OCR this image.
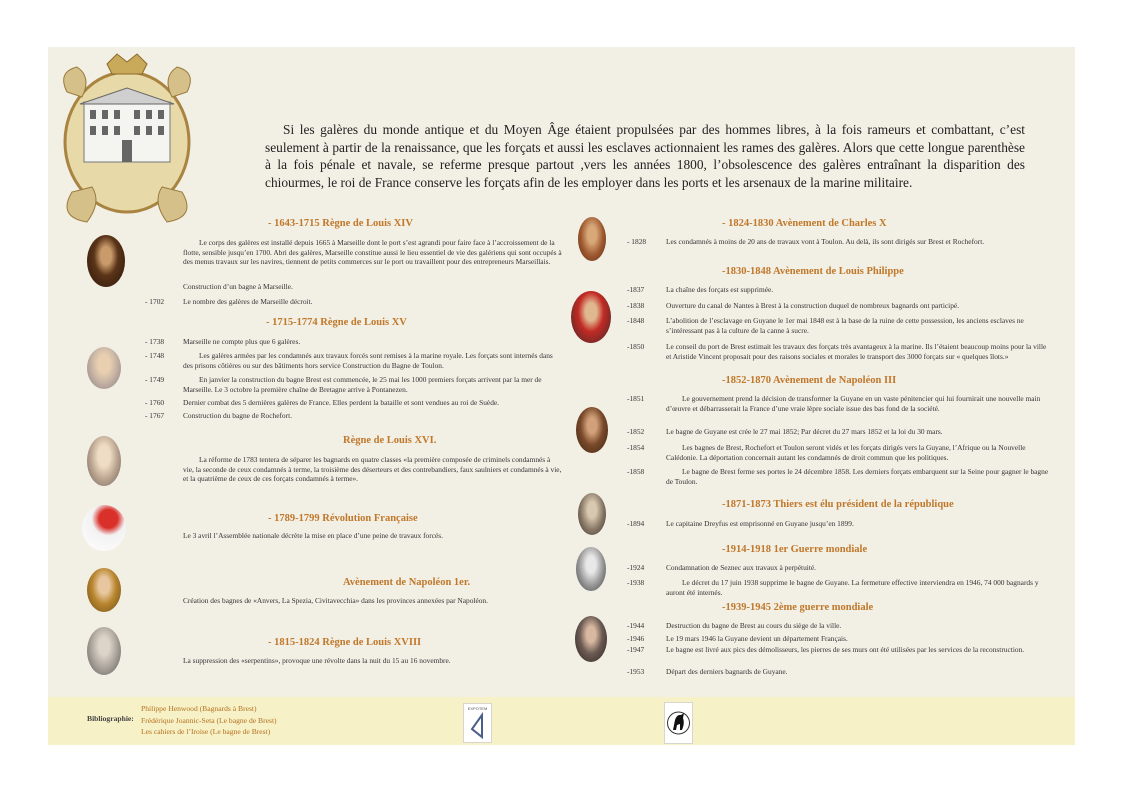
Si les galères du monde antique et du Moyen Âge étaient propulsées par des hommes libres, à la fois rameurs et combattant, c’est seulement à partir de la renaissance, que les forçats et aussi les esclaves actionnaient les rames des galères. Alors que cette longue parenthèse à la fois pénale et navale, se referme presque partout ,vers les années 1800, l’obsolescence des galères entraînant la disparition des chiourmes, le roi de France conserve les forçats afin de les employer dans les ports et les arsenaux de la marine militaire.
- 1643-1715 Règne de Louis XIV
Le corps des galères est installé depuis 1665 à Marseille dont le port s’est agrandi pour faire face à l’accroissement de la flotte, sensible jusqu’en 1700. Abri des galères, Marseille constitue aussi le lieu essentiel de vie des galériens qui sont occupés à des menus travaux sur les navires, tiennent de petits commerces sur le port ou travaillent pour des entrepreneurs Marseillais.
Construction d’un bagne à Marseille.
- 1702	Le nombre des galères de Marseille décroit.
- 1715-1774 Règne de Louis XV
- 1738	Marseille ne compte plus que 6 galères.
- 1748	Les galères armées par les condamnés aux travaux forcés sont remises à la marine royale. Les forçats sont internés dans des prisons côtières ou sur des bâtiments hors service Construction du Bagne de Toulon.
- 1749	En janvier la construction du bagne Brest est commencée, le 25 mai les 1000 premiers forçats arrivent par la mer de Marseille. Le 3 octobre la première chaîne de Bretagne arrive à Pontanezen.
- 1760	Dernier combat des 5 dernières galères de France. Elles perdent la bataille et sont vendues au roi de Suède.
- 1767	Construction du bagne de Rochefort.
Règne de Louis XVI.
La réforme de 1783 tentera de séparer les bagnards en quatre classes «la première composée de criminels condamnés à vie, la seconde de ceux condamnés à terme, la troisième des déserteurs et des contrebandiers, faux saulniers et condamnés à vie, et la quatrième de ceux de ces forçats condamnés à terme».
- 1789-1799 Révolution Française
Le 3 avril l’Assemblée nationale décrète la mise en place d’une peine de travaux forcés.
Avènement de Napoléon 1er.
Création des bagnes de «Anvers, La Spezia, Civitavecchia» dans les provinces annexées par Napoléon.
- 1815-1824 Règne de Louis XVIII
La suppression des «serpentins», provoque une révolte dans la nuit du 15 au 16 novembre.
- 1824-1830 Avènement de Charles X
- 1828	Les condamnés à moins de 20 ans de travaux vont à Toulon. Au delà, ils sont dirigés sur Brest et Rochefort.
-1830-1848 Avènement de Louis Philippe
-1837	La chaîne des forçats est supprimée.
-1838	Ouverture du canal de Nantes à Brest à la construction duquel de nombreux bagnards ont participé.
-1848	L’abolition de l’esclavage en Guyane le 1er mai 1848 est à la base de la ruine de cette possession, les anciens esclaves ne s’intéressant pas à la culture de la canne à sucre.
-1850	Le conseil du port de Brest estimait les travaux des forçats très avantageux à la marine. Ils l’étaient beaucoup moins pour la ville et Aristide Vincent proposait pour des raisons sociales et morales le transport des 3000 forçats sur « quelques îlots.»
-1852-1870 Avènement de Napoléon III
-1851	Le gouvernement prend la décision de transformer la Guyane en un vaste pénitencier qui lui fournirait une nouvelle main d’œuvre et débarrasserait la France d’une vraie lèpre sociale issue des bas fond de la société.
-1852	Le bagne de Guyane est crée le 27 mai 1852; Par décret du 27 mars 1852 et la loi du 30 mars.
-1854	Les bagnes de Brest, Rochefort et Toulon seront vidés et les forçats dirigés vers la Guyane, l’Afrique ou la Nouvelle Calédonie. La déportation concernait autant les condamnés de droit commun que les politiques.
-1858	Le bagne de Brest ferme ses portes le 24 décembre 1858. Les derniers forçats embarquent sur la Seine pour gagner le bagne de Toulon.
-1871-1873 Thiers est élu président de la république
-1894	Le capitaine Dreyfus est emprisonné en Guyane jusqu’en 1899.
-1914-1918 1er Guerre mondiale
-1924	Condamnation de Seznec aux travaux à perpétuité.
-1938	Le décret du 17 juin 1938 supprime le bagne de Guyane. La fermeture effective interviendra en 1946, 74 000 bagnards y auront été internés.
-1939-1945 2ème guerre mondiale
-1944	Destruction du bagne de Brest au cours du siège de la ville.
-1946	Le 19 mars 1946 la Guyane devient un département Français.
-1947	Le bagne est livré aux pics des démolisseurs, les pierres de ses murs ont été utilisées par les services de la reconstruction.
-1953	Départ des derniers bagnards de Guyane.
Bibliographie:
Philippe Henwood (Bagnards à Brest)
Frédérique Joannic-Seta (Le bagne de Brest)
Les cahiers de l’Iroise (Le bagne de Brest)
EXPOTEM
